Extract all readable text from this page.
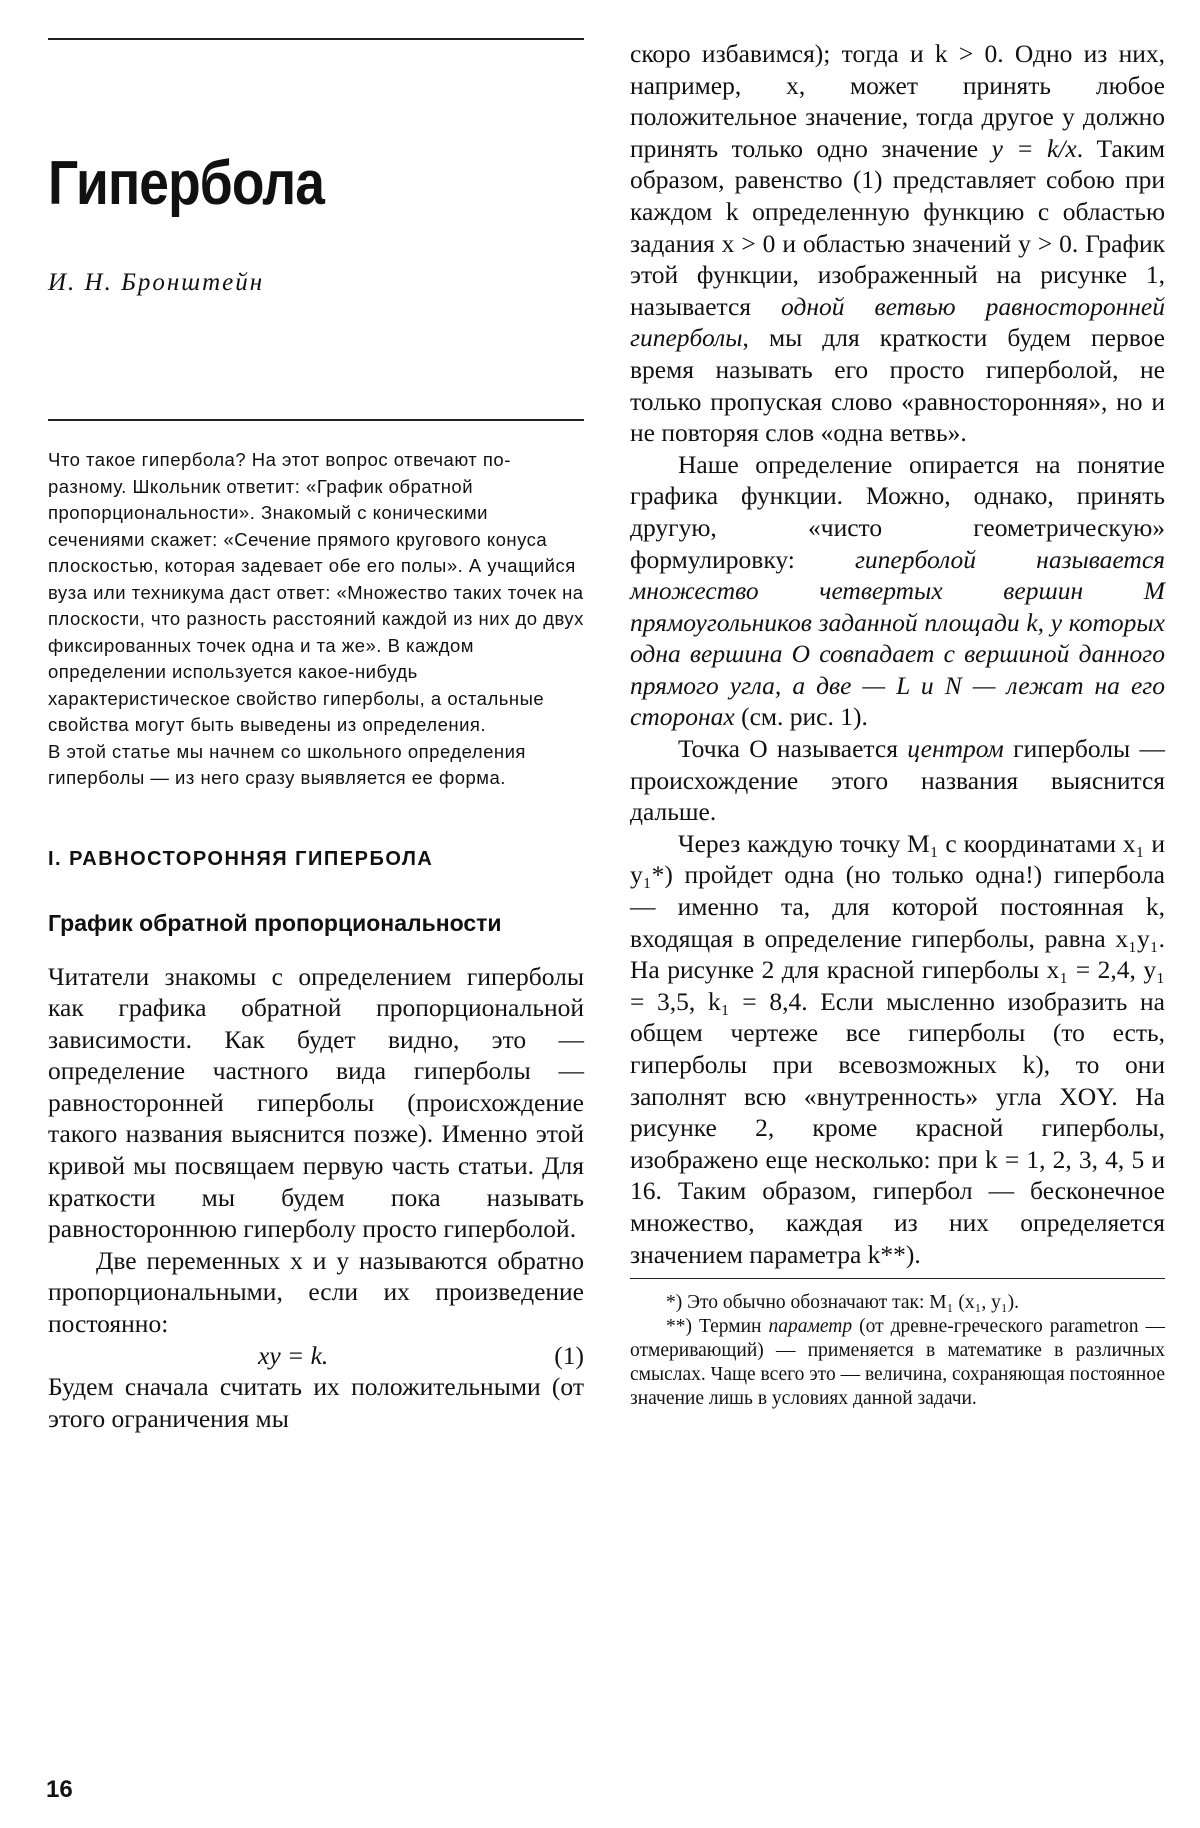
Гипербола
И. Н. Бронштейн

Что такое гипербола? На этот вопрос отвечают по-разному. Школьник ответит: «График обратной пропорциональности». Знакомый с коническими сечениями скажет: «Сечение прямого кругового конуса плоскостью, которая задевает обе его полы». А учащийся вуза или техникума даст ответ: «Множество таких точек на плоскости, что разность расстояний каждой из них до двух фиксированных точек одна и та же». В каждом определении используется какое-нибудь характеристическое свойство гиперболы, а остальные свойства могут быть выведены из определения.

В этой статье мы начнем со школьного определения гиперболы — из него сразу выявляется ее форма.

I. РАВНОСТОРОННЯЯ ГИПЕРБОЛА
График обратной пропорциональности

Читатели знакомы с определением гиперболы как графика обратной пропорциональной зависимости. Как будет видно, это — определение частного вида гиперболы — равносторонней гиперболы (происхождение такого названия выяснится позже). Именно этой кривой мы посвящаем первую часть статьи. Для краткости мы будем пока называть равностороннюю гиперболу просто гиперболой.

Две переменных x и y называются обратно пропорциональными, если их произведение постоянно:

xy = k.	(1)

Будем сначала считать их положительными (от этого ограничения мы

скоро избавимся); тогда и k > 0. Одно из них, например, x, может принять любое положительное значение, тогда другое y должно принять только одно значение y = k/x. Таким образом, равенство (1) представляет собою при каждом k определенную функцию с областью задания x > 0 и областью значений y > 0. График этой функции, изображенный на рисунке 1, называется одной ветвью равносторонней гиперболы, мы для краткости будем первое время называть его просто гиперболой, не только пропуская слово «равносторонняя», но и не повторяя слов «одна ветвь».

Наше определение опирается на понятие графика функции. Можно, однако, принять другую, «чисто геометрическую» формулировку: гиперболой называется множество четвертых вершин M прямоугольников заданной площади k, у которых одна вершина O совпадает с вершиной данного прямого угла, а две — L и N — лежат на его сторонах (см. рис. 1).

Точка O называется центром гиперболы — происхождение этого названия выяснится дальше.

Через каждую точку M₁ с координатами x₁ и y₁*) пройдет одна (но только одна!) гипербола — именно та, для которой постоянная k, входящая в определение гиперболы, равна x₁y₁. На рисунке 2 для красной гиперболы x₁ = 2,4, y₁ = 3,5, k₁ = 8,4. Если мысленно изобразить на общем чертеже все гиперболы (то есть, гиперболы при всевозможных k), то они заполнят всю «внутренность» угла XOY. На рисунке 2, кроме красной гиперболы, изображено еще несколько: при k = 1, 2, 3, 4, 5 и 16. Таким образом, гипербол — бесконечное множество, каждая из них определяется значением параметра k**).

*) Это обычно обозначают так: M₁ (x₁, y₁).

**) Термин параметр (от древне-греческого parametron — отмеривающий) — применяется в математике в различных смыслах. Чаще всего это — величина, сохраняющая постоянное значение лишь в условиях данной задачи.

16
